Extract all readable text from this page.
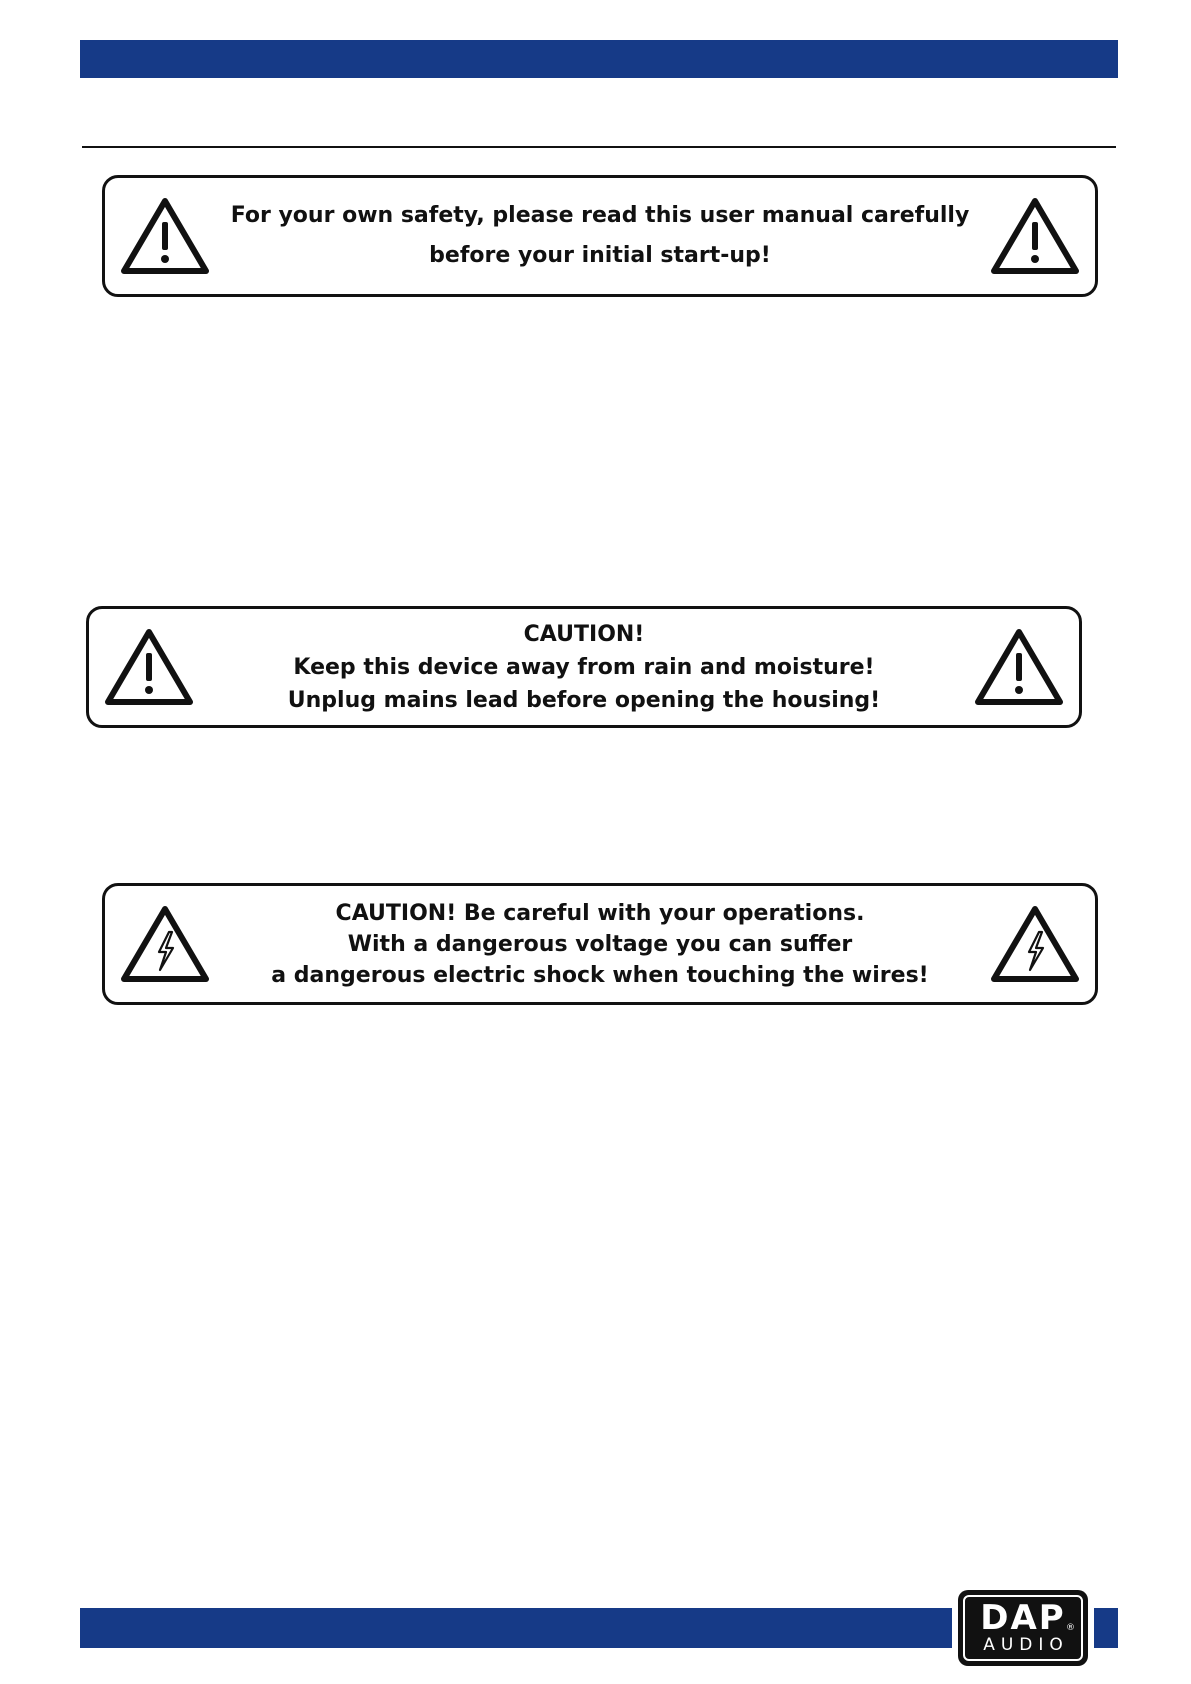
For your own safety, please read this user manual carefully
before your initial start-up!
CAUTION!
Keep this device away from rain and moisture!
Unplug mains lead before opening the housing!
CAUTION! Be careful with your operations.
With a dangerous voltage you can suffer
a dangerous electric shock when touching the wires!
DAP
AUDIO
®
